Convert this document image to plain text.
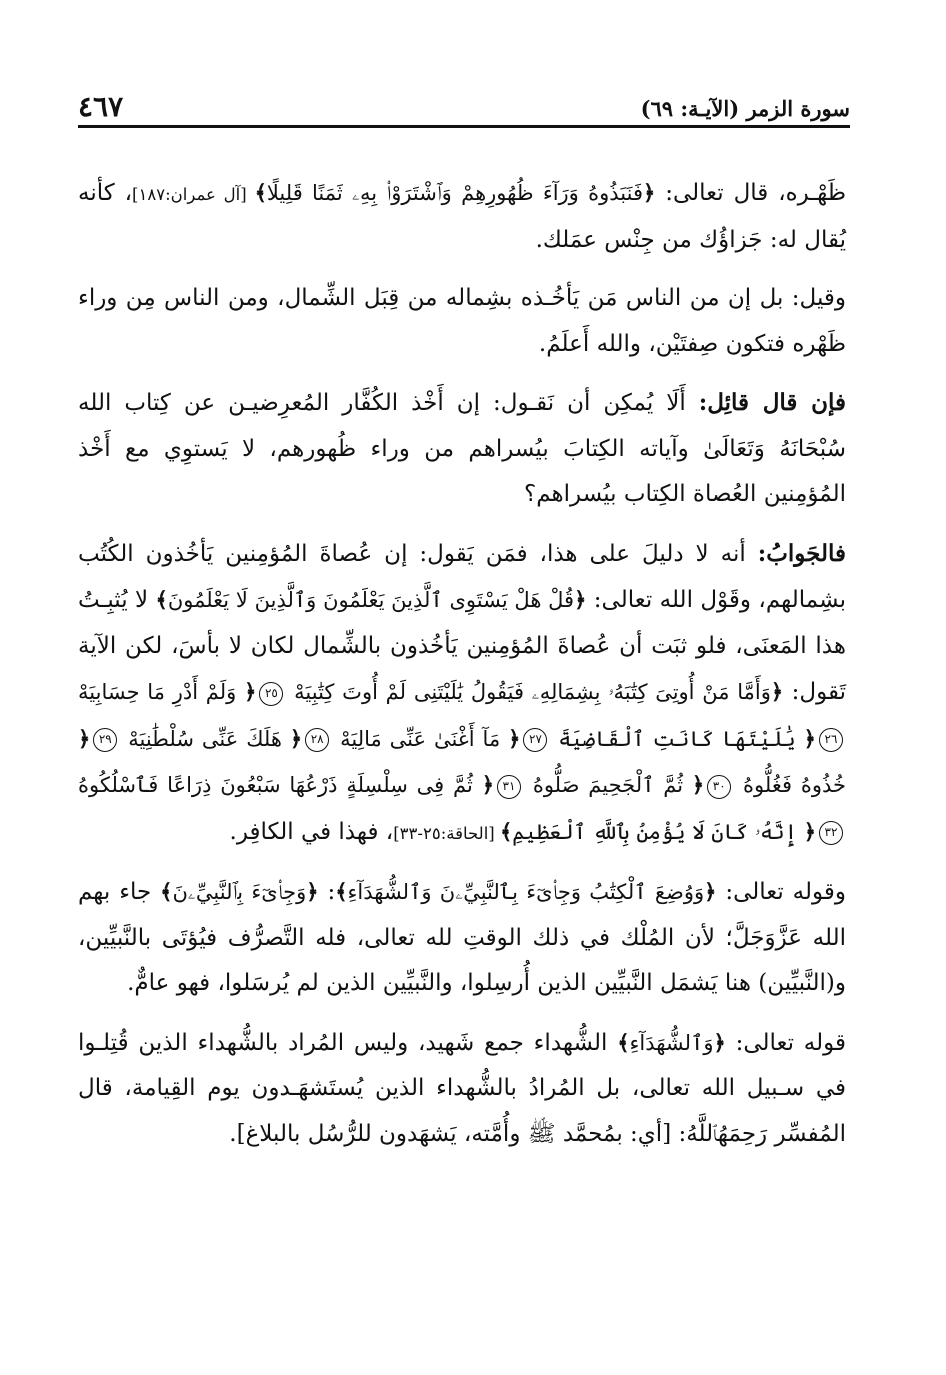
سورة الزمر (الآيـة: ٦٩)
٤٦٧

ظَهْـره، قال تعالى: ﴿فَنَبَذُوهُ وَرَآءَ ظُهُورِهِمْ وَٱشْتَرَوْا۟ بِهِۦ ثَمَنًا قَلِيلًا﴾ [آل عمران:١٨٧]، كأنه يُقال له: جَزاؤُك من جِنْس عمَلك.

وقيل: بل إن من الناس مَن يَأخُـذه بشِماله من قِبَل الشِّمال، ومن الناس مِن وراء ظَهْره فتكون صِفتَيْن، والله أَعلَمُ.

فإن قال قائِل: أَلَا يُمكِن أن نَقـول: إن أَخْذ الكُفَّار المُعرِضيـن عن كِتاب الله سُبْحَانَهُ وَتَعَالَىٰ وآياته الكِتابَ بيُسراهم من وراء ظُهورهم، لا يَستوِي مع أَخْذ المُؤمِنين العُصاة الكِتاب بيُسراهم؟

فالجَوابُ: أنه لا دليلَ على هذا، فمَن يَقول: إن عُصاةَ المُؤمِنين يَأخُذون الكُتُب بشِمالهم، وقَوْل الله تعالى: ﴿قُلْ هَلْ يَسْتَوِى ٱلَّذِينَ يَعْلَمُونَ وَٱلَّذِينَ لَا يَعْلَمُونَ﴾ لا يُثبِـتُ هذا المَعنَى، فلو ثبَت أن عُصاةَ المُؤمِنين يَأخُذون بالشِّمال لكان لا بأسَ، لكن الآية تَقول: ﴿وَأَمَّا مَنْ أُوتِىَ كِتَٰبَهُۥ بِشِمَالِهِۦ فَيَقُولُ يَٰلَيْتَنِى لَمْ أُوتَ كِتَٰبِيَهْ ٢٥﴿ وَلَمْ أَدْرِ مَا حِسَابِيَهْ ٢٦﴿ يَٰلَيْتَهَا كَانَتِ ٱلْقَاضِيَةَ ٢٧﴿ مَآ أَغْنَىٰ عَنِّى مَالِيَهْ ٢٨﴿ هَلَكَ عَنِّى سُلْطَٰنِيَهْ ٢٩﴿ خُذُوهُ فَغُلُّوهُ ٣٠﴿ ثُمَّ ٱلْجَحِيمَ صَلُّوهُ ٣١﴿ ثُمَّ فِى سِلْسِلَةٍ ذَرْعُهَا سَبْعُونَ ذِرَاعًا فَٱسْلُكُوهُ ٣٢﴿ إِنَّهُۥ كَانَ لَا يُؤْمِنُ بِٱللَّهِ ٱلْعَظِيمِ﴾ [الحاقة:٢٥-٣٣]، فهذا في الكافِر.

وقوله تعالى: ﴿وَوُضِعَ ٱلْكِتَٰبُ وَجِا۟ىٓءَ بِٱلنَّبِيِّۦنَ وَٱلشُّهَدَآءِ﴾: ﴿وَجِا۟ىٓءَ بِٱلنَّبِيِّۦنَ﴾ جاء بهم الله عَزَّوَجَلَّ؛ لأن المُلْك في ذلك الوقتِ لله تعالى، فله التَّصرُّف فيُؤتَى بالنَّبيِّين، و(النَّبيِّين) هنا يَشمَل النَّبيِّين الذين أُرسِلوا، والنَّبيِّين الذين لم يُرسَلوا، فهو عامٌّ.

قوله تعالى: ﴿وَٱلشُّهَدَآءِ﴾ الشُّهداء جمع شَهيد، وليس المُراد بالشُّهداء الذين قُتِلـوا في سـبيل الله تعالى، بل المُرادُ بالشُّهداء الذين يُستَشهَـدون يوم القِيامة، قال المُفسِّر رَحِمَهُٱللَّهُ: [أي: بمُحمَّد ﷺ وأُمَّته، يَشهَدون للرُّسُل بالبلاغ].
